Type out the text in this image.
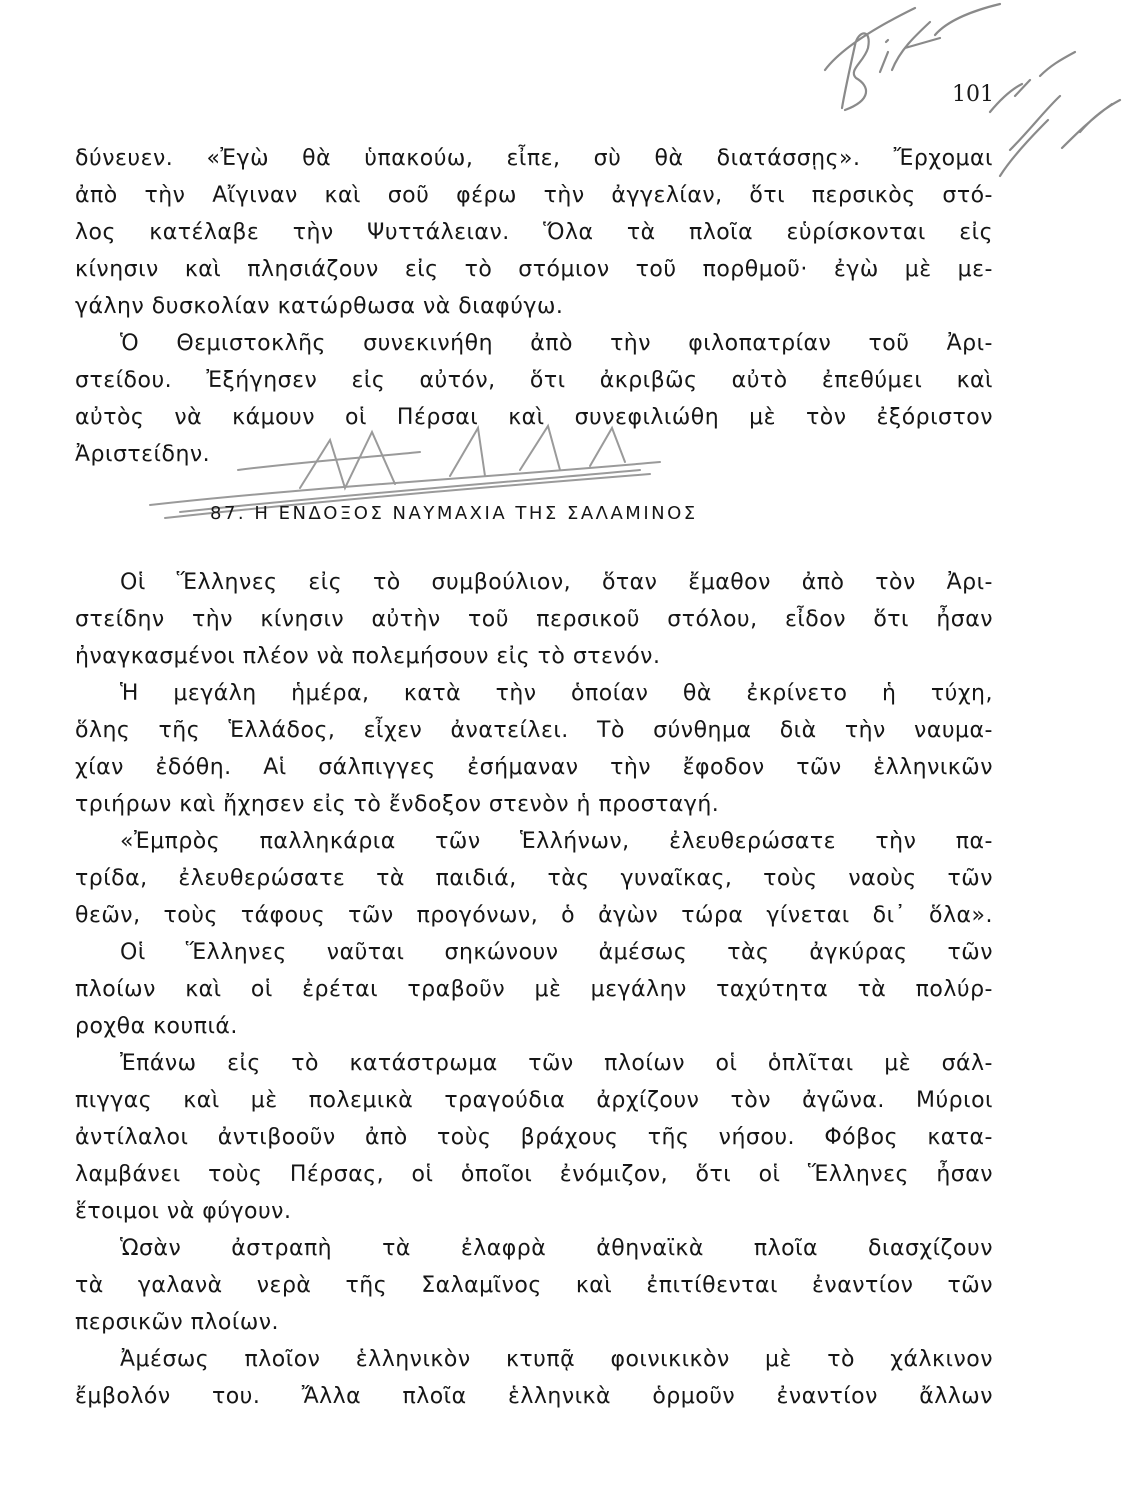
101
δύνευεν. «Ἐγὼ θὰ ὑπακούω, εἶπε, σὺ θὰ διατάσσῃς». Ἔρχομαι
ἀπὸ τὴν Αἴγιναν καὶ σοῦ φέρω τὴν ἀγγελίαν, ὅτι περσικὸς στό-
λος κατέλαβε τὴν Ψυττάλειαν. Ὅλα τὰ πλοῖα εὑρίσκονται εἰς
κίνησιν καὶ πλησιάζουν εἰς τὸ στόμιον τοῦ πορθμοῦ· ἐγὼ μὲ με-
γάλην δυσκολίαν κατώρθωσα νὰ διαφύγω.
Ὁ Θεμιστοκλῆς συνεκινήθη ἀπὸ τὴν φιλοπατρίαν τοῦ Ἀρι-
στείδου. Ἐξήγησεν εἰς αὐτόν, ὅτι ἀκριβῶς αὐτὸ ἐπεθύμει καὶ
αὐτὸς νὰ κάμουν οἱ Πέρσαι καὶ συνεφιλιώθη μὲ τὸν ἐξόριστον
Ἀριστείδην.
87. Η ΕΝΔΟΞΟΣ ΝΑΥΜΑΧΙΑ ΤΗΣ ΣΑΛΑΜΙΝΟΣ
Οἱ Ἕλληνες εἰς τὸ συμβούλιον, ὅταν ἔμαθον ἀπὸ τὸν Ἀρι-
στείδην τὴν κίνησιν αὐτὴν τοῦ περσικοῦ στόλου, εἶδον ὅτι ἦσαν
ἠναγκασμένοι πλέον νὰ πολεμήσουν εἰς τὸ στενόν.
Ἡ μεγάλη ἡμέρα, κατὰ τὴν ὁποίαν θὰ ἐκρίνετο ἡ τύχη,
ὅλης τῆς Ἑλλάδος, εἶχεν ἀνατείλει. Τὸ σύνθημα διὰ τὴν ναυμα-
χίαν ἐδόθη. Αἱ σάλπιγγες ἐσήμαναν τὴν ἔφοδον τῶν ἑλληνικῶν
τριήρων καὶ ἤχησεν εἰς τὸ ἔνδοξον στενὸν ἡ προσταγή.
«Ἐμπρὸς παλληκάρια τῶν Ἑλλήνων, ἐλευθερώσατε τὴν πα-
τρίδα, ἐλευθερώσατε τὰ παιδιά, τὰς γυναῖκας, τοὺς ναοὺς τῶν
θεῶν, τοὺς τάφους τῶν προγόνων, ὁ ἀγὼν τώρα γίνεται δι᾽ ὅλα».
Οἱ Ἕλληνες ναῦται σηκώνουν ἀμέσως τὰς ἀγκύρας τῶν
πλοίων καὶ οἱ ἐρέται τραβοῦν μὲ μεγάλην ταχύτητα τὰ πολύρ-
ροχθα κουπιά.
Ἐπάνω εἰς τὸ κατάστρωμα τῶν πλοίων οἱ ὁπλῖται μὲ σάλ-
πιγγας καὶ μὲ πολεμικὰ τραγούδια ἀρχίζουν τὸν ἀγῶνα. Μύριοι
ἀντίλαλοι ἀντιβοοῦν ἀπὸ τοὺς βράχους τῆς νήσου. Φόβος κατα-
λαμβάνει τοὺς Πέρσας, οἱ ὁποῖοι ἐνόμιζον, ὅτι οἱ Ἕλληνες ἦσαν
ἕτοιμοι νὰ φύγουν.
Ὡσὰν ἀστραπὴ τὰ ἐλαφρὰ ἀθηναϊκὰ πλοῖα διασχίζουν
τὰ γαλανὰ νερὰ τῆς Σαλαμῖνος καὶ ἐπιτίθενται ἐναντίον τῶν
περσικῶν πλοίων.
Ἀμέσως πλοῖον ἑλληνικὸν κτυπᾷ φοινικικὸν μὲ τὸ χάλκινον
ἔμβολόν του. Ἄλλα πλοῖα ἑλληνικὰ ὁρμοῦν ἐναντίον ἄλλων
